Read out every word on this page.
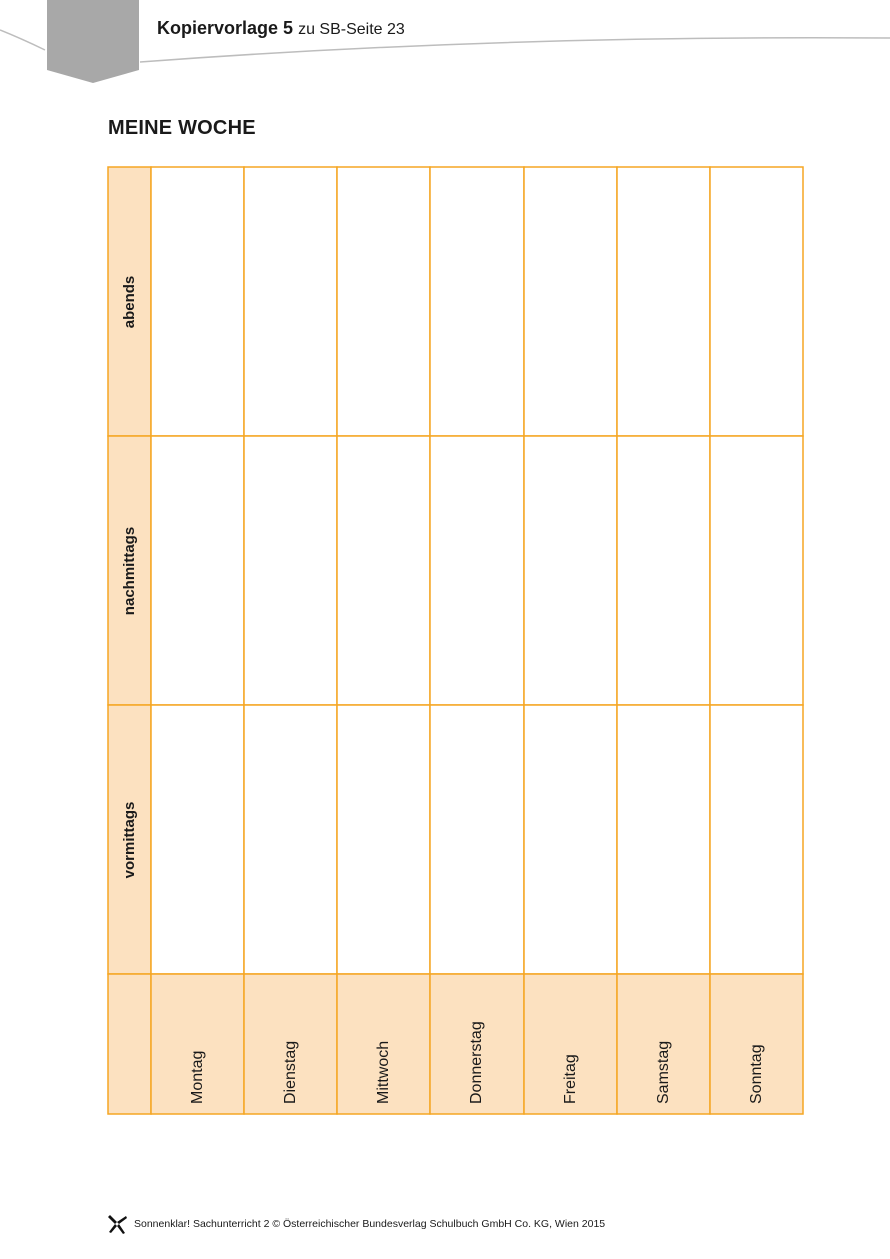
Kopiervorlage 5 zu SB-Seite 23
MEINE WOCHE
abends
nachmittags
vormittags
Montag	Dienstag	Mittwoch	Donnerstag	Freitag	Samstag	Sonntag
Sonnenklar! Sachunterricht 2 © Österreichischer Bundesverlag Schulbuch GmbH Co. KG, Wien 2015
